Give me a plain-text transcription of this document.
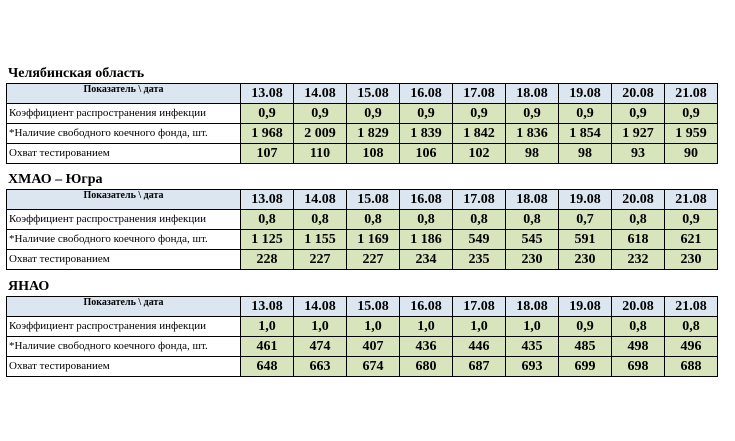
Челябинская область
Показатель \ дата	13.08	14.08	15.08	16.08	17.08	18.08	19.08	20.08	21.08
Коэффициент распространения инфекции	0,9	0,9	0,9	0,9	0,9	0,9	0,9	0,9	0,9
*Наличие свободного коечного фонда, шт.	1 968	2 009	1 829	1 839	1 842	1 836	1 854	1 927	1 959
Охват тестированием	107	110	108	106	102	98	98	93	90
ХМАО – Югра
Показатель \ дата	13.08	14.08	15.08	16.08	17.08	18.08	19.08	20.08	21.08
Коэффициент распространения инфекции	0,8	0,8	0,8	0,8	0,8	0,8	0,7	0,8	0,9
*Наличие свободного коечного фонда, шт.	1 125	1 155	1 169	1 186	549	545	591	618	621
Охват тестированием	228	227	227	234	235	230	230	232	230
ЯНАО
Показатель \ дата	13.08	14.08	15.08	16.08	17.08	18.08	19.08	20.08	21.08
Коэффициент распространения инфекции	1,0	1,0	1,0	1,0	1,0	1,0	0,9	0,8	0,8
*Наличие свободного коечного фонда, шт.	461	474	407	436	446	435	485	498	496
Охват тестированием	648	663	674	680	687	693	699	698	688
